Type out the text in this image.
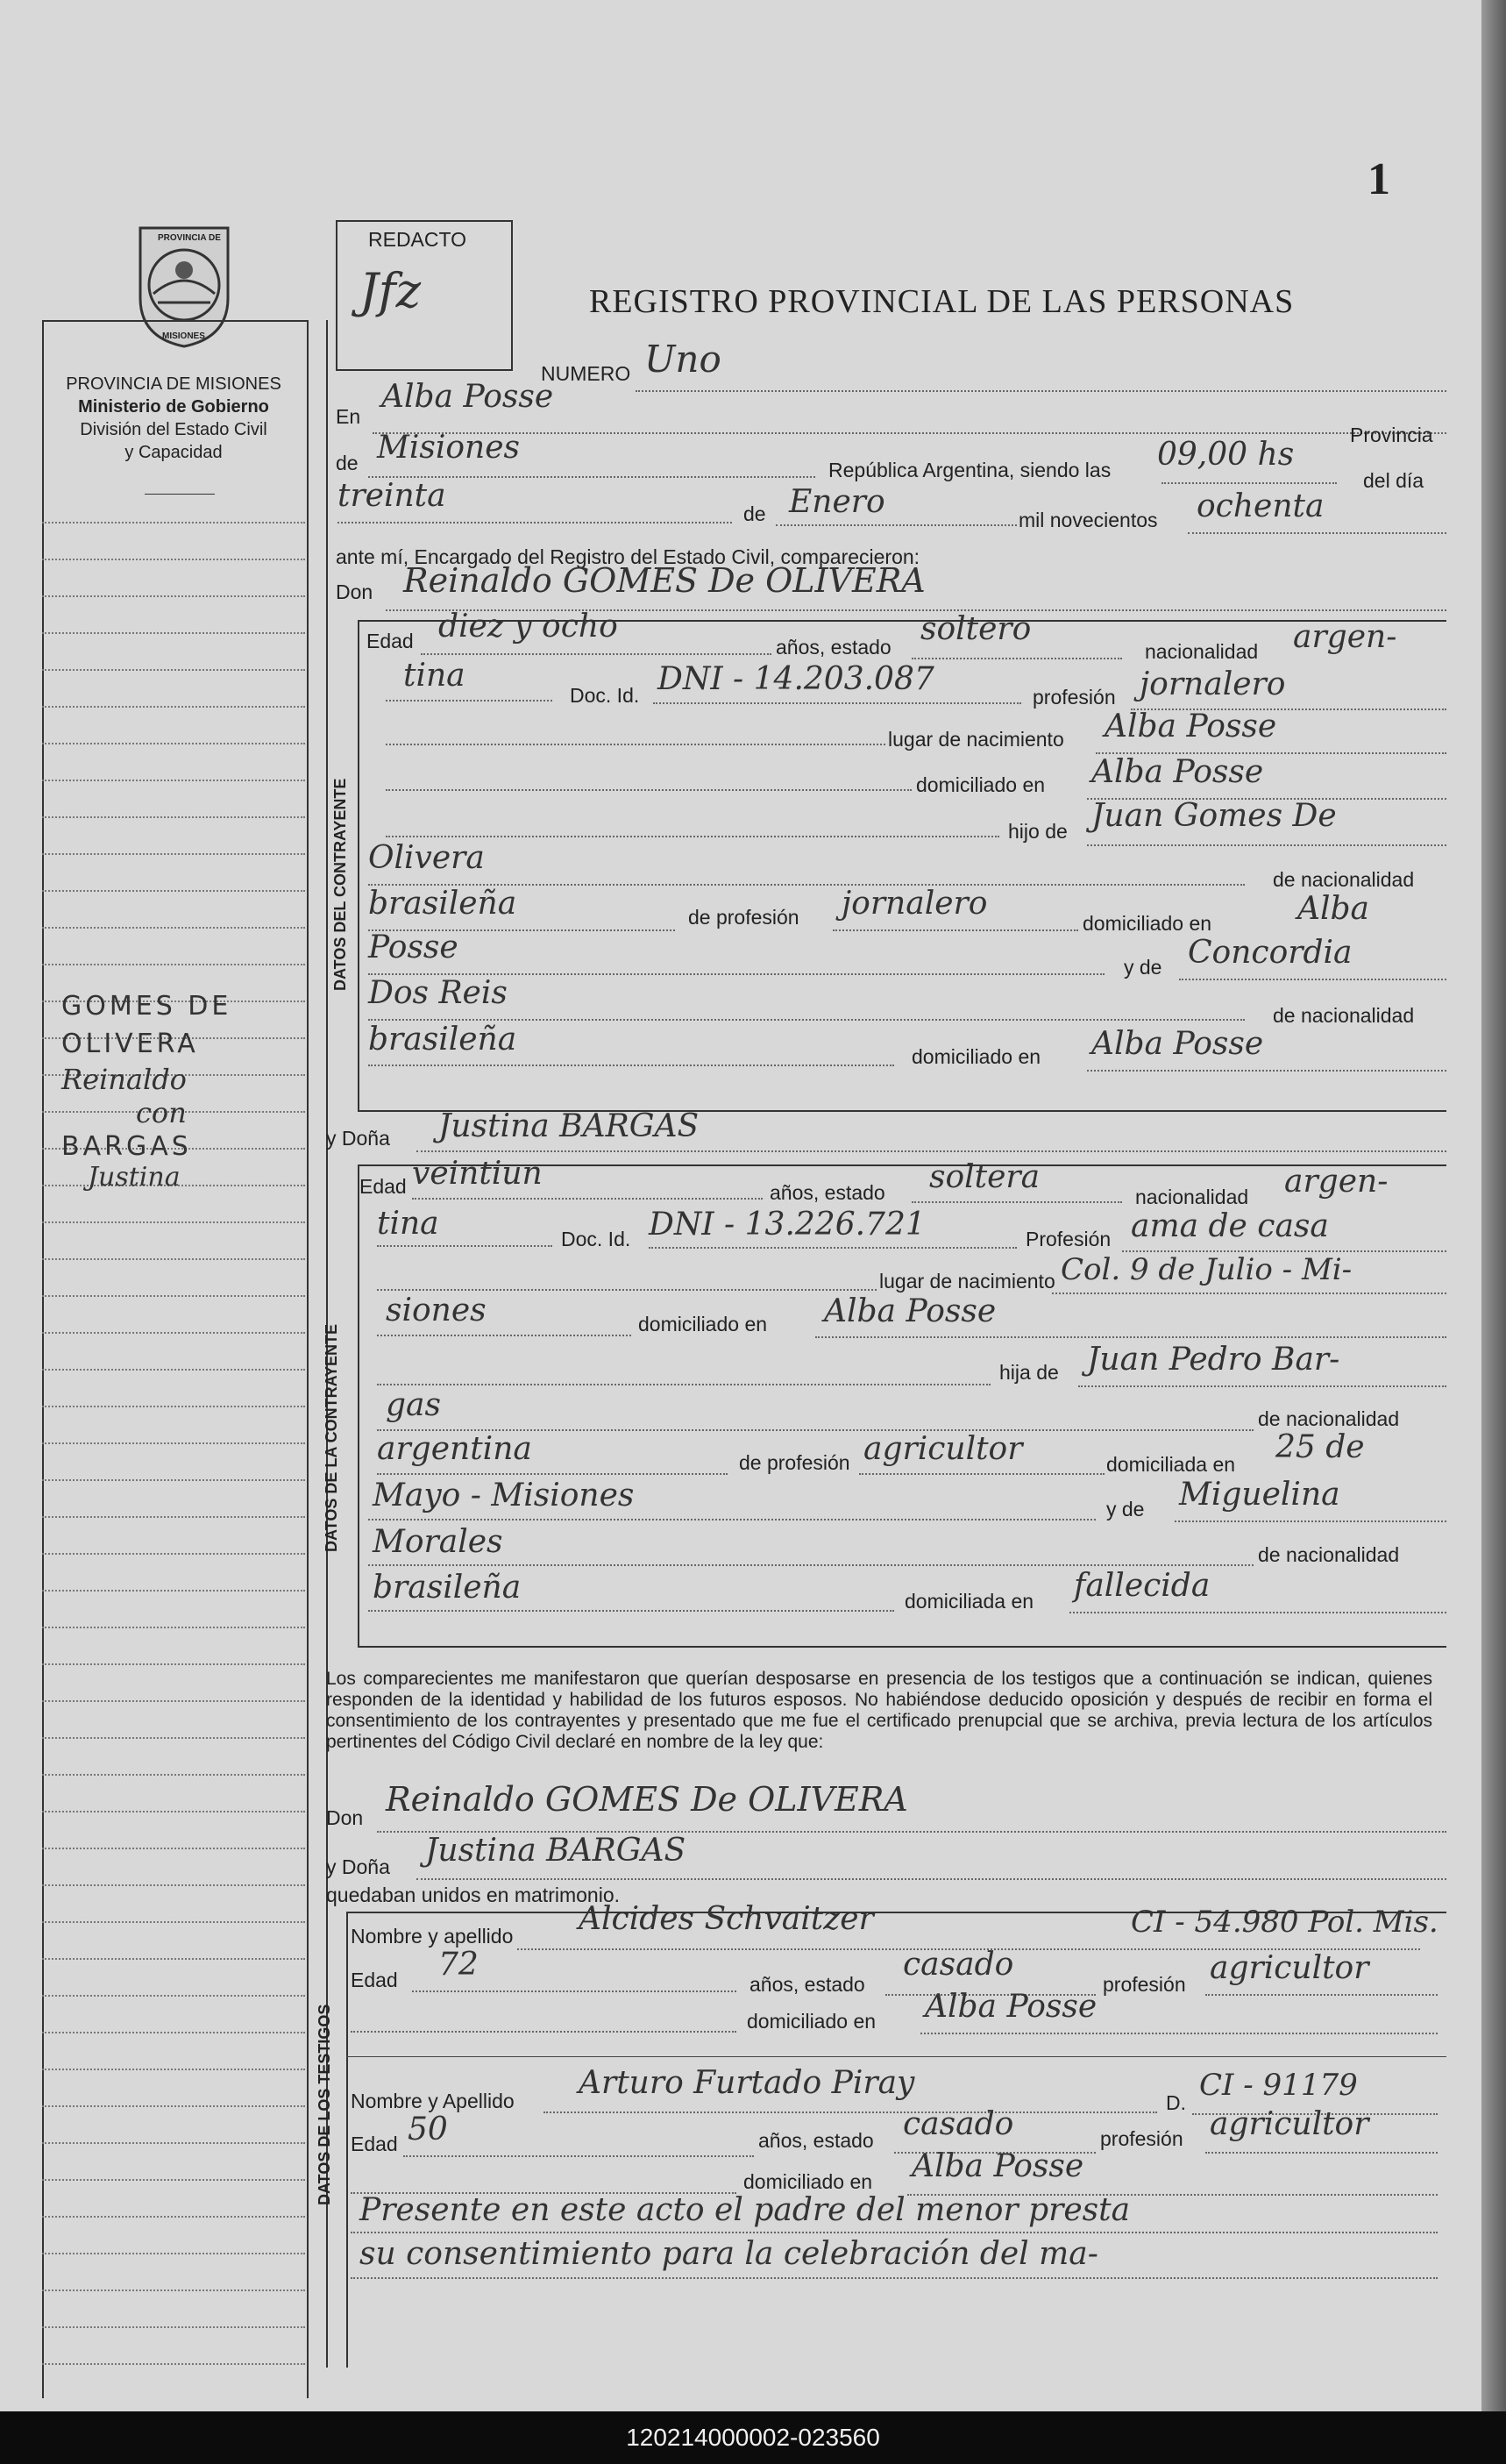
1
PROVINCIA DE
MISIONES
PROVINCIA DE MISIONES
Ministerio de Gobierno
División del Estado Civil
y Capacidad
GOMES DE
OLIVERA
Reinaldo
con
BARGAS
Justina
REDACTO
Jfz	REGISTRO PROVINCIAL DE LAS PERSONAS
NUMERO Uno
En
Alba Posse
Provincia
de Misiones
República Argentina, siendo las 09,00 hs
del día
treinta	de Enero	mil novecientos ochenta
ante mí, Encargado del Registro del Estado Civil, comparecieron:
Don Reinaldo GOMES De OLIVERA
DATOS DEL CONTRAYENTE
Edad diez y ocho
años, estado soltero
nacionalidad argen-
tina
Doc. Id. DNI - 14.203.087	profesión jornalero
lugar de nacimiento Alba Posse
domiciliado en Alba Posse
hijo de Juan Gomes De
Olivera
de nacionalidad
brasileña	de profesión jornalero
domiciliado en	Alba
Posse
y de Concordia
Dos Reis
de nacionalidad
brasileña	domiciliado en Alba Posse
y Doña Justina BARGAS
DATOS DE LA CONTRAYENTE
Edad veintiun
años, estado soltera
nacionalidad argen-
tina	Doc. Id. DNI - 13.226.721	Profesión ama de casa
lugar de nacimiento Col. 9 de Julio - Mi-
siones	domiciliado en Alba Posse
hija de Juan Pedro Bar-
gas	de nacionalidad
argentina	de profesión agricultor	domiciliada en 25 de
Mayo - Misiones	y de Miguelina
Morales	de nacionalidad
brasileña	domiciliada en fallecida
Los comparecientes me manifestaron que querían desposarse en presencia de los testigos que a continuación se indican, quienes responden de la identidad y habilidad de los futuros esposos. No habiéndose deducido oposición y después de recibir en forma el consentimiento de los contrayentes y presentado que me fue el certificado prenupcial que se archiva, previa lectura de los artículos pertinentes del Código Civil declaré en nombre de la ley que:
Don Reinaldo GOMES De OLIVERA
y Doña Justina BARGAS
quedaban unidos en matrimonio.
DATOS DE LOS TESTIGOS
Nombre y apellido Alcides Schvaitzer	CI - 54.980 Pol. Mis.
Edad 72
años, estado
casado
profesión agricultor
domiciliado en Alba Posse
Nombre y Apellido Arturo Furtado Piray
D. CI - 91179
Edad 50	años, estado casado	profesión agricultor
domiciliado en Alba Posse
Presente en este acto el padre del menor presta
su consentimiento para la celebración del ma-
120214000002-023560
